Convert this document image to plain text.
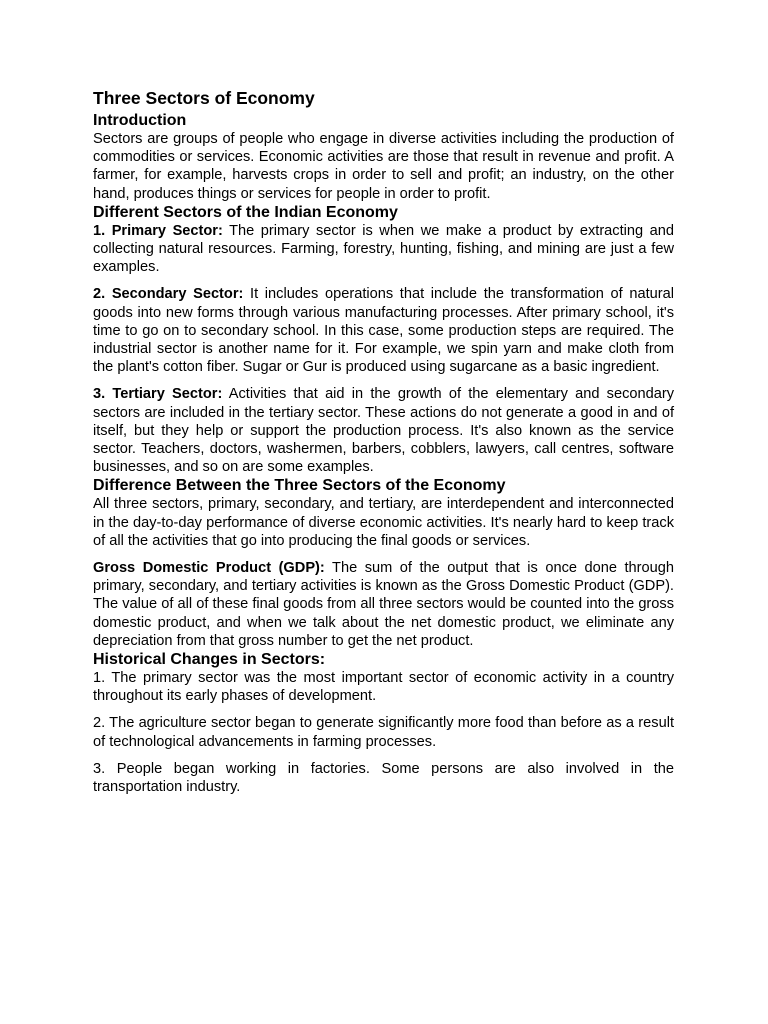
Three Sectors of Economy
Introduction

Sectors are groups of people who engage in diverse activities including the production of commodities or services. Economic activities are those that result in revenue and profit. A farmer, for example, harvests crops in order to sell and profit; an industry, on the other hand, produces things or services for people in order to profit.

Different Sectors of the Indian Economy

1. Primary Sector: The primary sector is when we make a product by extracting and collecting natural resources. Farming, forestry, hunting, fishing, and mining are just a few examples.

2. Secondary Sector: It includes operations that include the transformation of natural goods into new forms through various manufacturing processes. After primary school, it's time to go on to secondary school. In this case, some production steps are required. The industrial sector is another name for it. For example, we spin yarn and make cloth from the plant's cotton fiber. Sugar or Gur is produced using sugarcane as a basic ingredient.

3. Tertiary Sector: Activities that aid in the growth of the elementary and secondary sectors are included in the tertiary sector. These actions do not generate a good in and of itself, but they help or support the production process. It's also known as the service sector. Teachers, doctors, washermen, barbers, cobblers, lawyers, call centres, software businesses, and so on are some examples.

Difference Between the Three Sectors of the Economy

All three sectors, primary, secondary, and tertiary, are interdependent and interconnected in the day-to-day performance of diverse economic activities. It's nearly hard to keep track of all the activities that go into producing the final goods or services.

Gross Domestic Product (GDP): The sum of the output that is once done through primary, secondary, and tertiary activities is known as the Gross Domestic Product (GDP). The value of all of these final goods from all three sectors would be counted into the gross domestic product, and when we talk about the net domestic product, we eliminate any depreciation from that gross number to get the net product.

Historical Changes in Sectors:

1. The primary sector was the most important sector of economic activity in a country throughout its early phases of development.

2. The agriculture sector began to generate significantly more food than before as a result of technological advancements in farming processes.

3. People began working in factories. Some persons are also involved in the transportation industry.
